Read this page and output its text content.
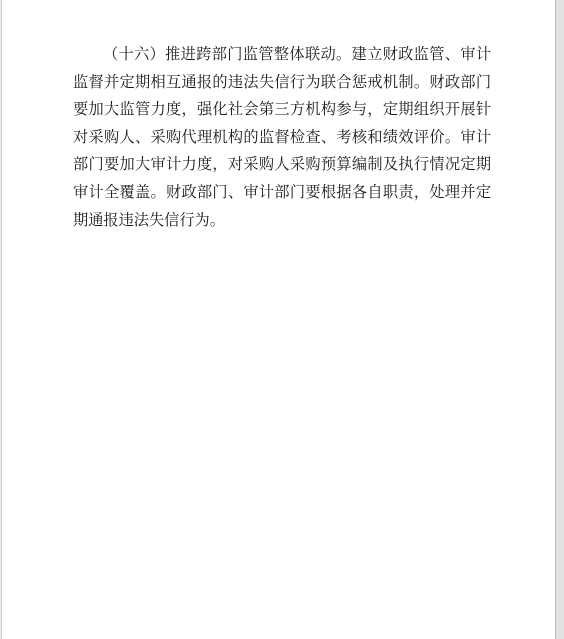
（十六）推进跨部门监管整体联动。建立财政监管、审计监督并定期相互通报的违法失信行为联合惩戒机制。财政部门要加大监管力度，强化社会第三方机构参与，定期组织开展针对采购人、采购代理机构的监督检查、考核和绩效评价。审计部门要加大审计力度，对采购人采购预算编制及执行情况定期审计全覆盖。财政部门、审计部门要根据各自职责，处理并定期通报违法失信行为。
